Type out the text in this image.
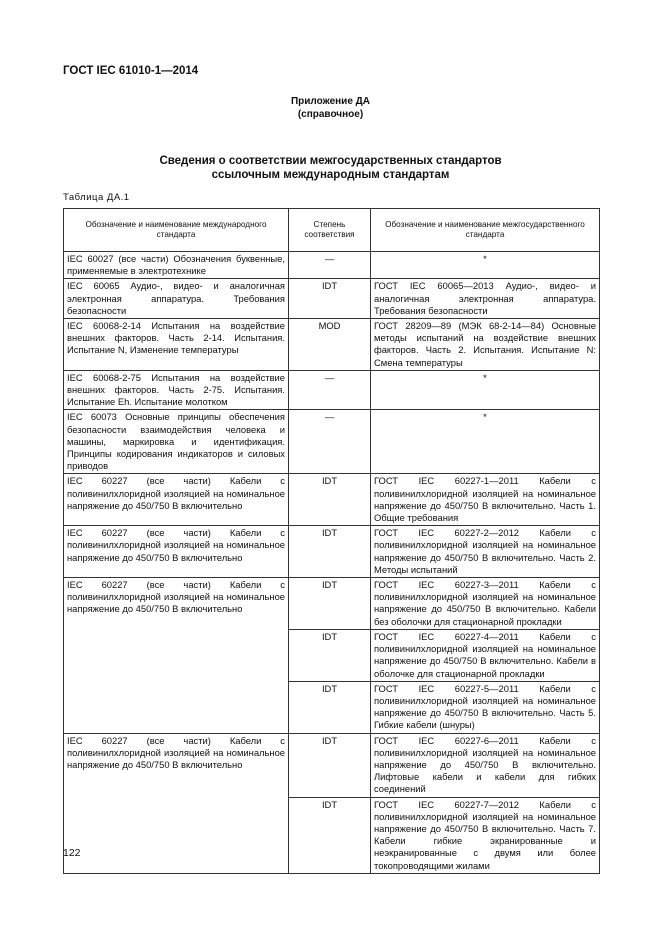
ГОСТ IEC 61010-1—2014
Приложение ДА
(справочное)
Сведения о соответствии межгосударственных стандартов
ссылочным международным стандартам
Таблица ДА.1
Обозначение и наименование международного стандарта	Степень соответствия	Обозначение и наименование межгосударственного стандарта
IEC 60027 (все части) Обозначения буквенные, применяемые в электротехнике	—	*
IEC 60065 Аудио-, видео- и аналогичная электронная аппаратура. Требования безопасности	IDT	ГОСТ IEC 60065—2013 Аудио-, видео- и аналогичная электронная аппаратура. Требования безопасности
IEC 60068-2-14 Испытания на воздействие внешних факторов. Часть 2-14. Испытания. Испытание N, Изменение температуры	MOD	ГОСТ 28209—89 (МЭК 68-2-14—84) Основные методы испытаний на воздействие внешних факторов. Часть 2. Испытания. Испытание N: Смена температуры
IEC 60068-2-75 Испытания на воздействие внешних факторов. Часть 2-75. Испытания. Испытание Eh. Испытание молотком	—	*
IEC 60073 Основные принципы обеспечения безопасности взаимодействия человека и машины, маркировка и идентификация. Принципы кодирования индикаторов и силовых приводов	—	*
IEC 60227 (все части) Кабели с поливинилхлоридной изоляцией на номинальное напряжение до 450/750 В включительно	IDT	ГОСТ IEC 60227-1—2011 Кабели с поливинилхлоридной изоляцией на номинальное напряжение до 450/750 В включительно. Часть 1. Общие требования
IEC 60227 (все части) Кабели с поливинилхлоридной изоляцией на номинальное напряжение до 450/750 В включительно	IDT	ГОСТ IEC 60227-2—2012 Кабели с поливинилхлоридной изоляцией на номинальное напряжение до 450/750 В включительно. Часть 2. Методы испытаний
IEC 60227 (все части) Кабели с поливинилхлоридной изоляцией на номинальное напряжение до 450/750 В включительно	IDT	ГОСТ IEC 60227-3—2011 Кабели с поливинилхлоридной изоляцией на номинальное напряжение до 450/750 В включительно. Кабели без оболочки для стационарной прокладки
	IDT	ГОСТ IEC 60227-4—2011 Кабели с поливинилхлоридной изоляцией на номинальное напряжение до 450/750 В включительно. Кабели в оболочке для стационарной прокладки
	IDT	ГОСТ IEC 60227-5—2011 Кабели с поливинилхлоридной изоляцией на номинальное напряжение до 450/750 В включительно. Часть 5. Гибкие кабели (шнуры)
IEC 60227 (все части) Кабели с поливинилхлоридной изоляцией на номинальное напряжение до 450/750 В включительно	IDT	ГОСТ IEC 60227-6—2011 Кабели с поливинилхлоридной изоляцией на номинальное напряжение до 450/750 В включительно. Лифтовые кабели и кабели для гибких соединений
	IDT	ГОСТ IEC 60227-7—2012 Кабели с поливинилхлоридной изоляцией на номинальное напряжение до 450/750 В включительно. Часть 7. Кабели гибкие экранированные и неэкранированные с двумя или более токопроводящими жилами
122
